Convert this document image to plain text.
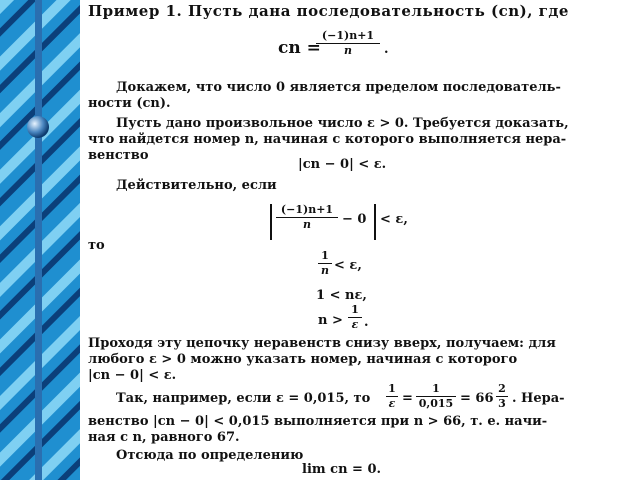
Пример 1. Пусть дана последовательность (cn), где
cn =
(−1)n+1
n	.
Докажем, что число 0 является пределом последователь-
ности (cn).
Пусть дано произвольное число ε > 0. Требуется доказать,
что найдется номер n, начиная с которого выполняется нера-
венство
|cn − 0| < ε.
Действительно, если
(−1)n+1
n	− 0 < ε,
то
1
n < ε,
1 < nε,
n >
1
ε .
Проходя эту цепочку неравенств снизу вверх, получаем: для
любого ε > 0 можно указать номер, начиная с которого
|cn − 0| < ε.
Так, например, если ε = 0,015, то
1
ε =
1
0,015 = 66
2
3 . Нера-
венство |cn − 0| < 0,015 выполняется при n > 66, т. е. начи-
ная с n, равного 67.
Отсюда по определению
lim cn = 0.
